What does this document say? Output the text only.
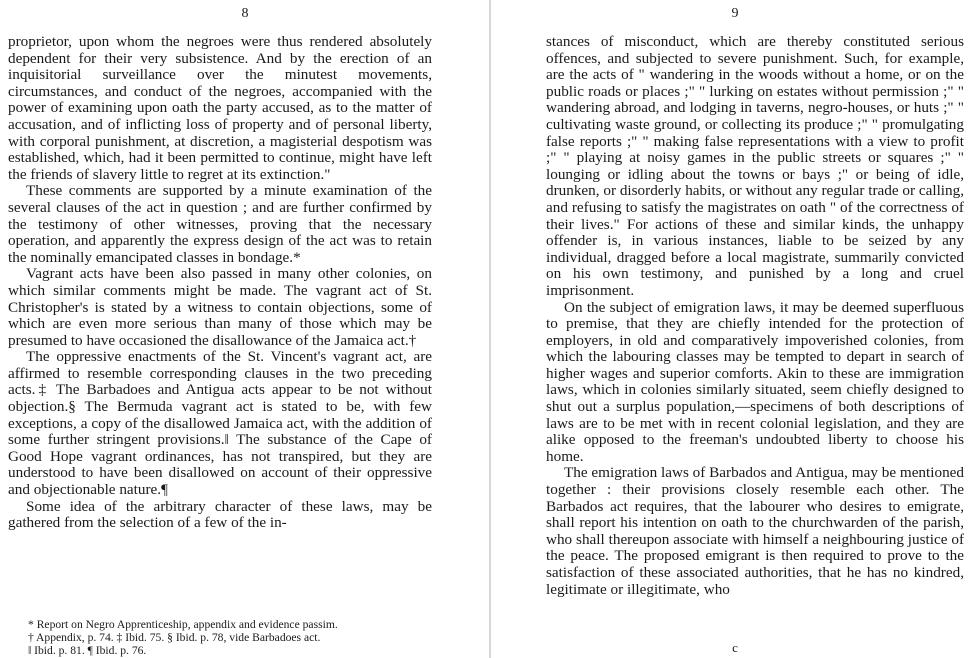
8

proprietor, upon whom the negroes were thus rendered absolutely dependent for their very subsistence. And by the erection of an inquisitorial surveillance over the minutest movements, circumstances, and conduct of the negroes, accompanied with the power of examining upon oath the party accused, as to the matter of accusation, and of inflicting loss of property and of personal liberty, with corporal punishment, at discretion, a magisterial despotism was established, which, had it been permitted to continue, might have left the friends of slavery little to regret at its extinction."

These comments are supported by a minute examination of the several clauses of the act in question ; and are further confirmed by the testimony of other witnesses, proving that the necessary operation, and apparently the express design of the act was to retain the nominally emancipated classes in bondage.*

Vagrant acts have been also passed in many other colonies, on which similar comments might be made. The vagrant act of St. Christopher's is stated by a witness to contain objections, some of which are even more serious than many of those which may be presumed to have occasioned the disallowance of the Jamaica act.†

The oppressive enactments of the St. Vincent's vagrant act, are affirmed to resemble corresponding clauses in the two preceding acts.‡ The Barbadoes and Antigua acts appear to be not without objection.§ The Bermuda vagrant act is stated to be, with few exceptions, a copy of the disallowed Jamaica act, with the addition of some further stringent provisions.‖ The substance of the Cape of Good Hope vagrant ordinances, has not transpired, but they are understood to have been disallowed on account of their oppressive and objectionable nature.¶

Some idea of the arbitrary character of these laws, may be gathered from the selection of a few of the in-

* Report on Negro Apprenticeship, appendix and evidence passim.
† Appendix, p. 74. ‡ Ibid. 75. § Ibid. p. 78, vide Barbadoes act.
‖ Ibid. p. 81. ¶ Ibid. p. 76.
9

stances of misconduct, which are thereby constituted serious offences, and subjected to severe punishment. Such, for example, are the acts of " wandering in the woods without a home, or on the public roads or places ;" " lurking on estates without permission ;" " wandering abroad, and lodging in taverns, negro-houses, or huts ;" " cultivating waste ground, or collecting its produce ;" " promulgating false reports ;" " making false representations with a view to profit ;" " playing at noisy games in the public streets or squares ;" " lounging or idling about the towns or bays ;" or being of idle, drunken, or disorderly habits, or without any regular trade or calling, and refusing to satisfy the magistrates on oath " of the correctness of their lives." For actions of these and similar kinds, the unhappy offender is, in various instances, liable to be seized by any individual, dragged before a local magistrate, summarily convicted on his own testimony, and punished by a long and cruel imprisonment.

On the subject of emigration laws, it may be deemed superfluous to premise, that they are chiefly intended for the protection of employers, in old and comparatively impoverished colonies, from which the labouring classes may be tempted to depart in search of higher wages and superior comforts. Akin to these are immigration laws, which in colonies similarly situated, seem chiefly designed to shut out a surplus population,—specimens of both descriptions of laws are to be met with in recent colonial legislation, and they are alike opposed to the freeman's undoubted liberty to choose his home.

The emigration laws of Barbados and Antigua, may be mentioned together : their provisions closely resemble each other. The Barbados act requires, that the labourer who desires to emigrate, shall report his intention on oath to the churchwarden of the parish, who shall thereupon associate with himself a neighbouring justice of the peace. The proposed emigrant is then required to prove to the satisfaction of these associated authorities, that he has no kindred, legitimate or illegitimate, who

c
